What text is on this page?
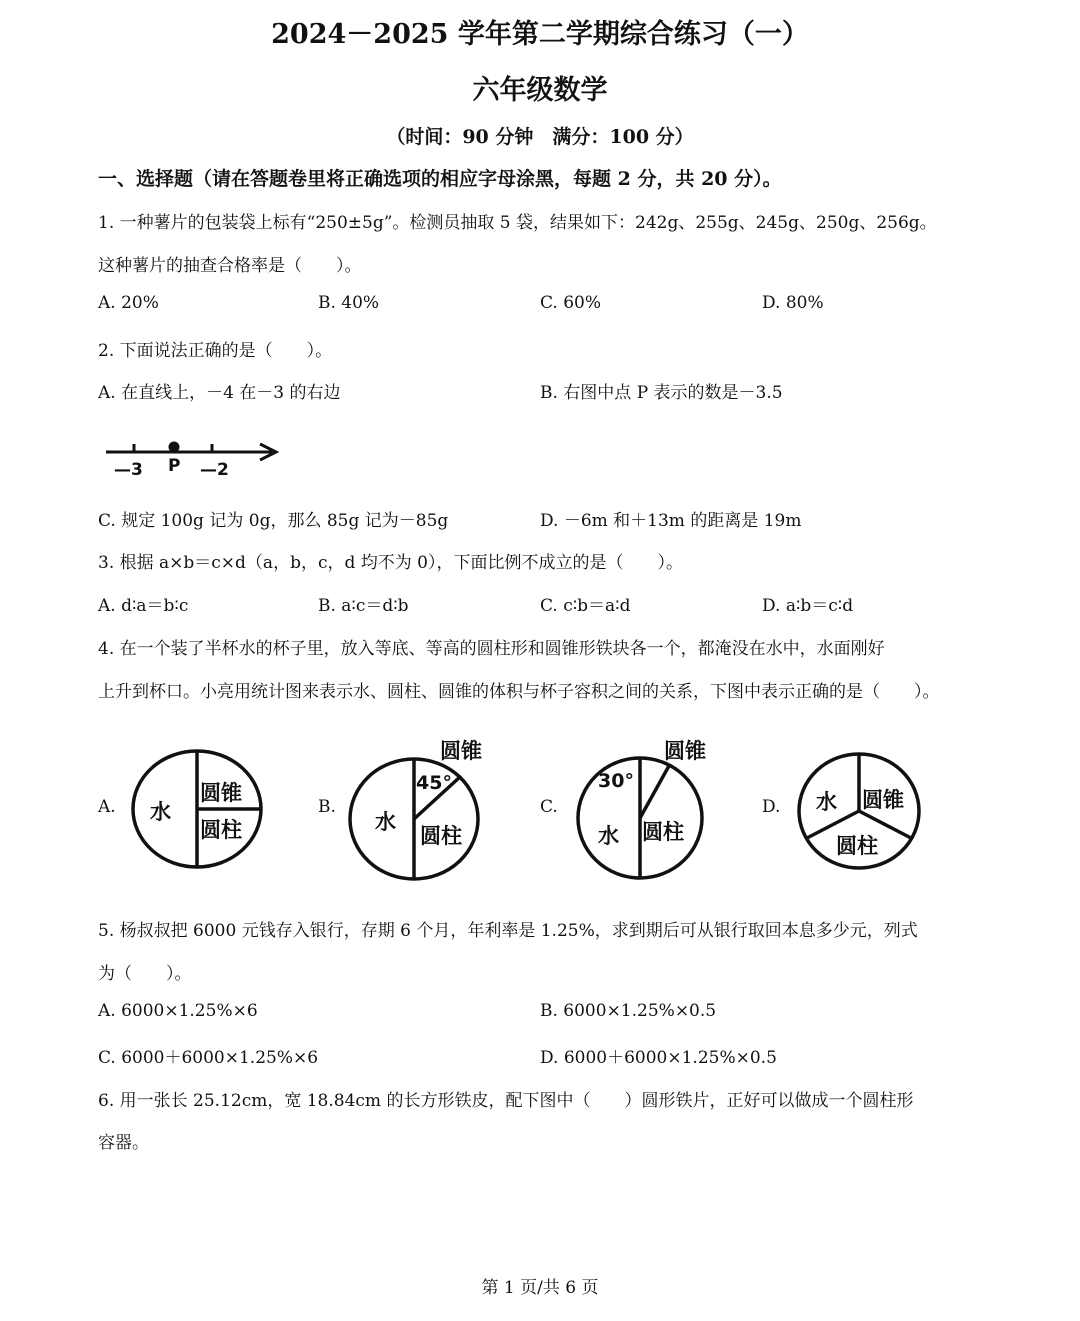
2024－2025 学年第二学期综合练习（一）
六年级数学
（时间：90 分钟　满分：100 分）
一、选择题（请在答题卷里将正确选项的相应字母涂黑，每题 2 分，共 20 分）。
1. 一种薯片的包装袋上标有“250±5g”。检测员抽取 5 袋，结果如下：242g、255g、245g、250g、256g。
这种薯片的抽查合格率是（　　）。
A. 20%	B. 40%	C. 60%	D. 80%
2. 下面说法正确的是（　　）。
A. 在直线上，－4 在－3 的右边	B. 右图中点 P 表示的数是－3.5
—3 P —2
C. 规定 100g 记为 0g，那么 85g 记为－85g	D. －6m 和＋13m 的距离是 19m
3. 根据 a×b＝c×d（a，b，c，d 均不为 0），下面比例不成立的是（　　）。
A. d∶a＝b∶c	B. a∶c＝d∶b	C. c∶b＝a∶d	D. a∶b＝c∶d
4. 在一个装了半杯水的杯子里，放入等底、等高的圆柱形和圆锥形铁块各一个，都淹没在水中，水面刚好
上升到杯口。小亮用统计图来表示水、圆柱、圆锥的体积与杯子容积之间的关系，下图中表示正确的是（　　）。
A. 水
圆锥
圆柱
B.
圆锥
45°
水
圆柱
C.
圆锥
30°
水 圆柱
D. 水 圆锥
圆柱
5. 杨叔叔把 6000 元钱存入银行，存期 6 个月，年利率是 1.25%，求到期后可从银行取回本息多少元，列式
为（　　）。
A. 6000×1.25%×6	B. 6000×1.25%×0.5
C. 6000＋6000×1.25%×6	D. 6000＋6000×1.25%×0.5
6. 用一张长 25.12cm，宽 18.84cm 的长方形铁皮，配下图中（　　）圆形铁片，正好可以做成一个圆柱形
容器。
第 1 页/共 6 页
